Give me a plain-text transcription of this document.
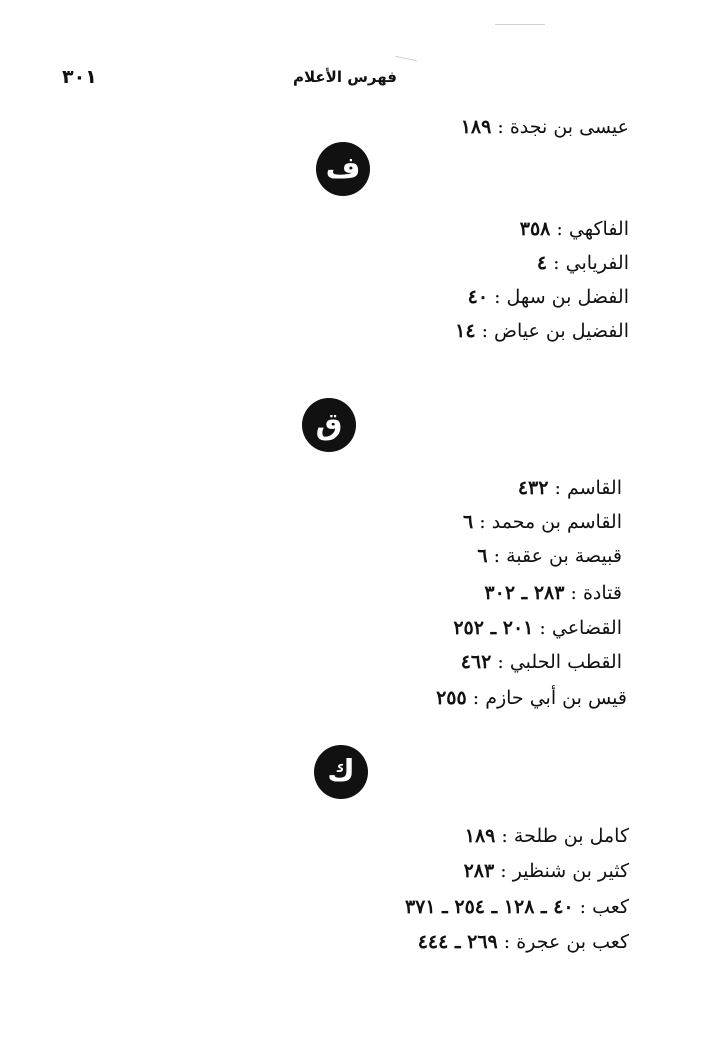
٣٠١	فهرس الأعلام
عيسى بن نجدة : ١٨٩
ف
الفاكهي : ٣٥٨
الفريابي : ٤
الفضل بن سهل : ٤٠
الفضيل بن عياض : ١٤
ق
القاسم : ٤٣٢
القاسم بن محمد : ٦
قبيصة بن عقبة : ٦
قتادة : ٢٨٣ ـ ٣٠٢
القضاعي : ٢٠١ ـ ٢٥٢
القطب الحلبي : ٤٦٢
قيس بن أبي حازم : ٢٥٥
ك
كامل بن طلحة : ١٨٩
كثير بن شنظير : ٢٨٣
كعب : ٤٠ ـ ١٢٨ ـ ٢٥٤ ـ ٣٧١
كعب بن عجرة : ٢٦٩ ـ ٤٤٤
